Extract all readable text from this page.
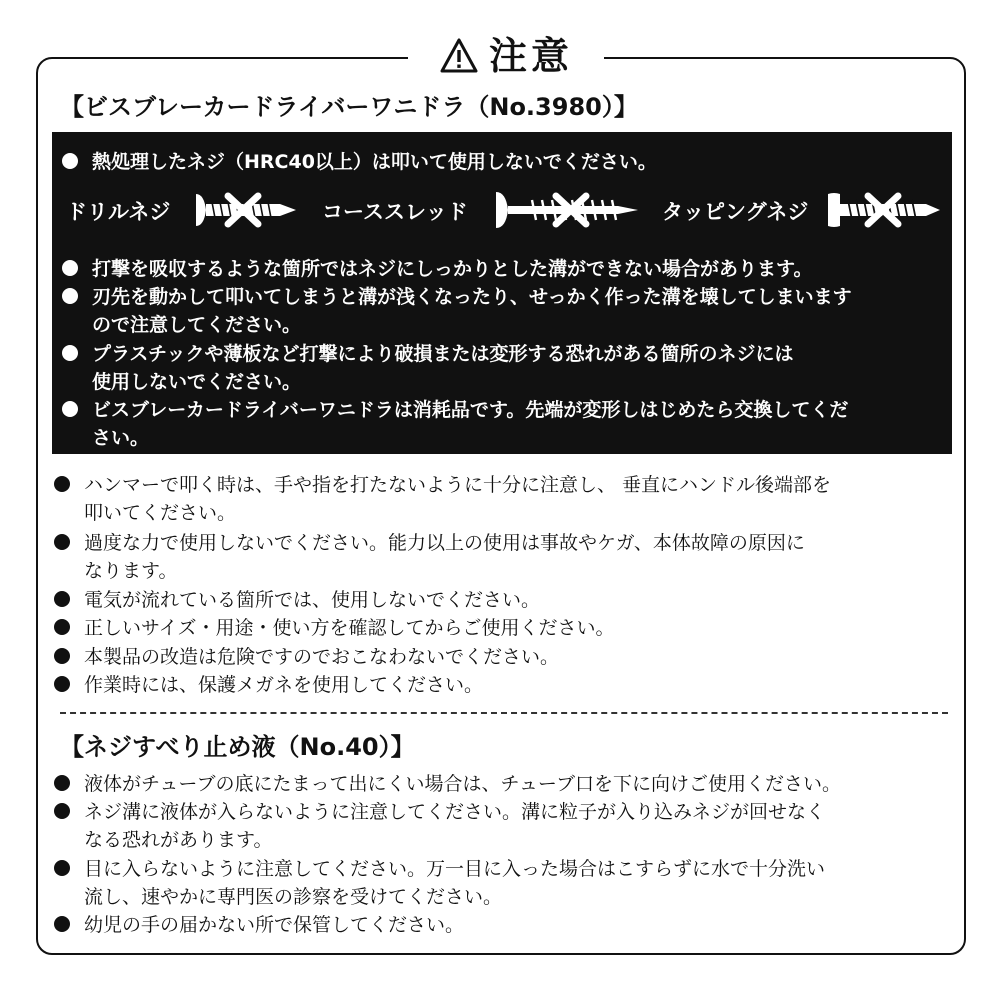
注意
【ビスブレーカードライバーワニドラ（No.3980）】
熱処理したネジ（HRC40以上）は叩いて使用しないでください。
ドリルネジ	コーススレッド	タッピングネジ
打撃を吸収するような箇所ではネジにしっかりとした溝ができない場合があります。
刃先を動かして叩いてしまうと溝が浅くなったり、せっかく作った溝を壊してしまいます
ので注意してください。
プラスチックや薄板など打撃により破損または変形する恐れがある箇所のネジには
使用しないでください。
ビスブレーカードライバーワニドラは消耗品です。先端が変形しはじめたら交換してくだ
さい。
ハンマーで叩く時は、手や指を打たないように十分に注意し、 垂直にハンドル後端部を
叩いてください。
過度な力で使用しないでください。能力以上の使用は事故やケガ、本体故障の原因に
なります。
電気が流れている箇所では、使用しないでください。
正しいサイズ・用途・使い方を確認してからご使用ください。
本製品の改造は危険ですのでおこなわないでください。
作業時には、保護メガネを使用してください。
【ネジすべり止め液（No.40）】
液体がチューブの底にたまって出にくい場合は、チューブ口を下に向けご使用ください。
ネジ溝に液体が入らないように注意してください。溝に粒子が入り込みネジが回せなく
なる恐れがあります。
目に入らないように注意してください。万一目に入った場合はこすらずに水で十分洗い
流し、速やかに専門医の診察を受けてください。
幼児の手の届かない所で保管してください。
